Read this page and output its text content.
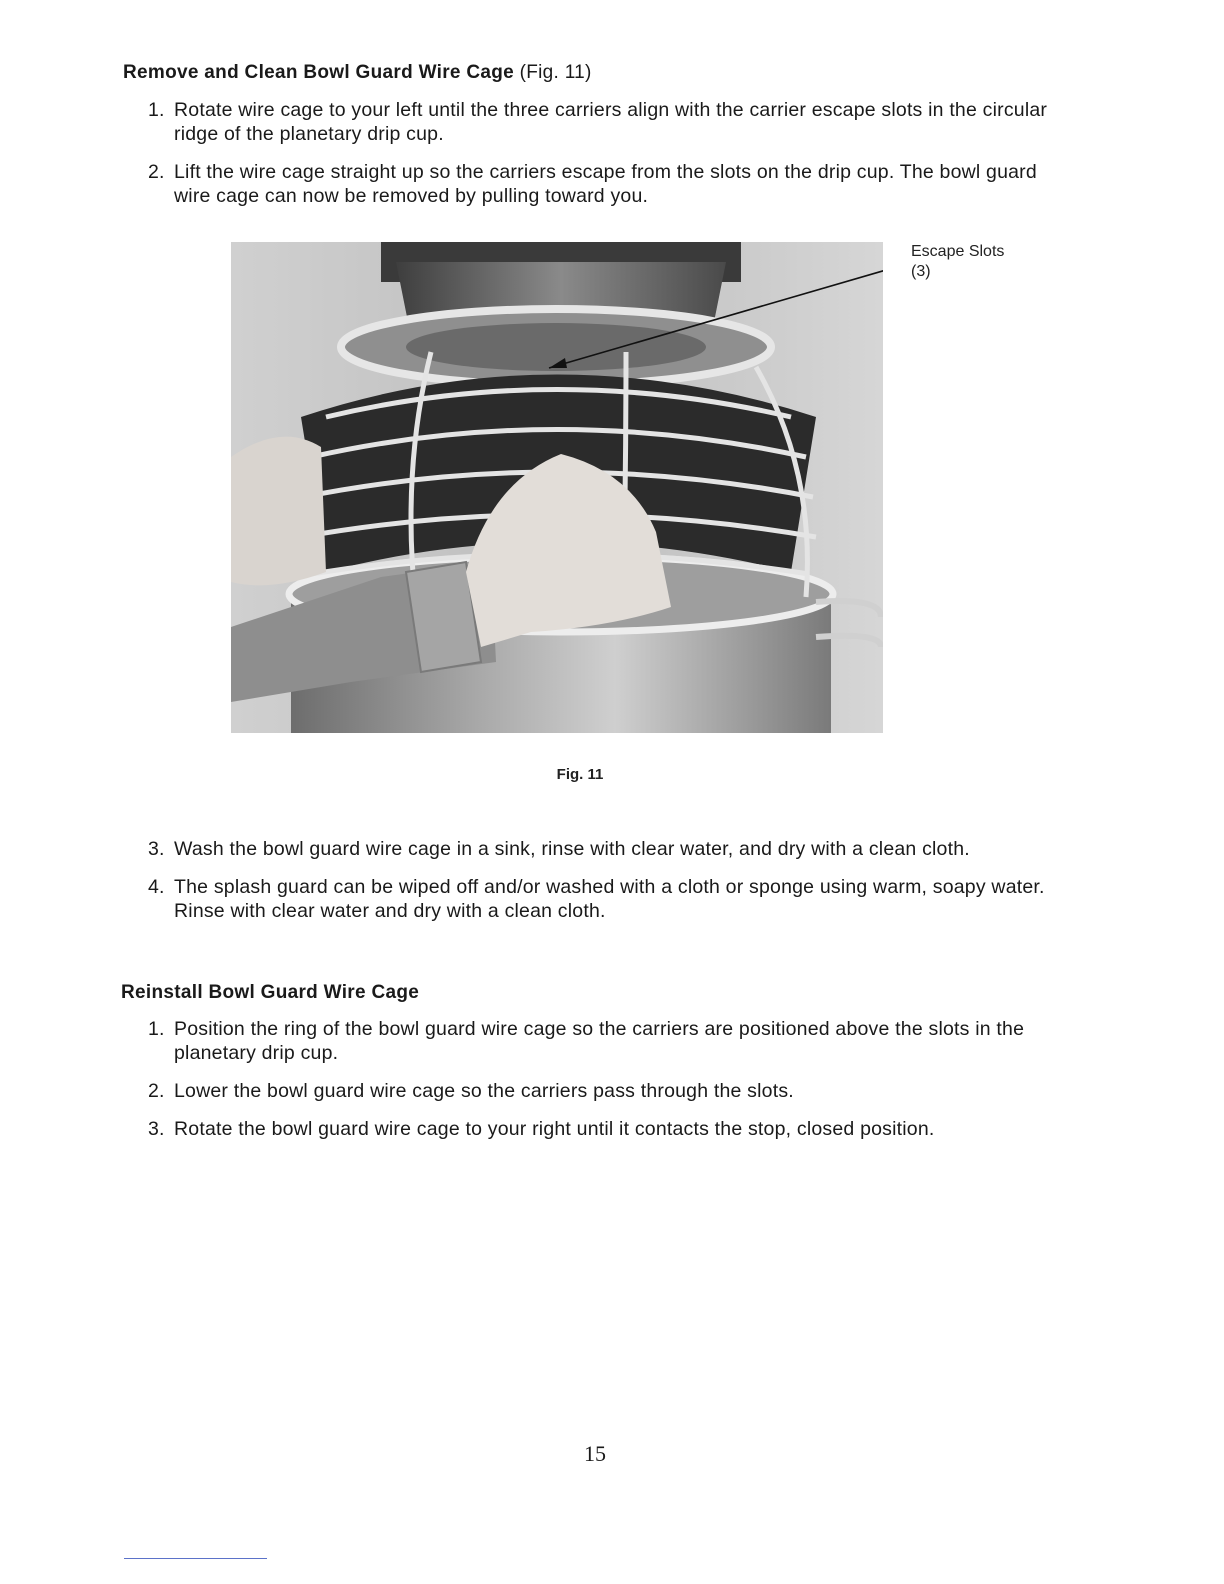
Remove and Clean Bowl Guard Wire Cage (Fig. 11)
1. Rotate wire cage to your left until the three carriers align with the carrier escape slots in the circular ridge of the planetary drip cup.
2. Lift the wire cage straight up so the carriers escape from the slots on the drip cup. The bowl guard wire cage can now be removed by pulling toward you.
Escape Slots
(3)
Fig. 11
3. Wash the bowl guard wire cage in a sink, rinse with clear water, and dry with a clean cloth.
4. The splash guard can be wiped off and/or washed with a cloth or sponge using warm, soapy water. Rinse with clear water and dry with a clean cloth.
Reinstall Bowl Guard Wire Cage
1. Position the ring of the bowl guard wire cage so the carriers are positioned above the slots in the planetary drip cup.
2. Lower the bowl guard wire cage so the carriers pass through the slots.
3. Rotate the bowl guard wire cage to your right until it contacts the stop, closed position.
15
